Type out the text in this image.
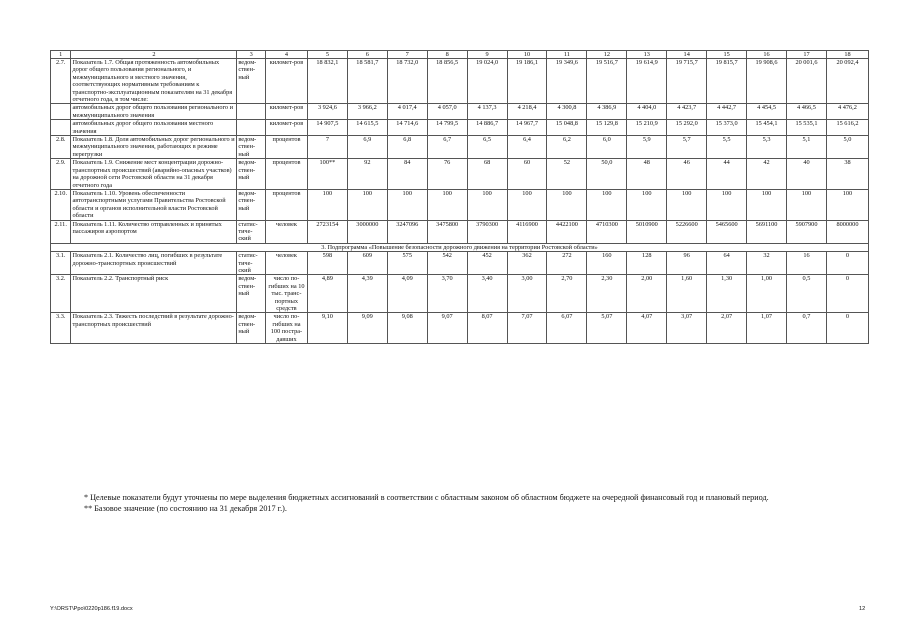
1	2	3	4	5	6	7	8	9	10	11	12	13	14	15	16	17	18
2.7.	Показатель 1.7. Общая протяженность автомобильных дорог общего пользования регионального, и межмуниципального и местного значения, соответствующих нормативным требованиям к транспортно-эксплуатационным показателям на 31 декабря отчетного года, в том числе:	ведом-ствен-ный	километ-ров	18 832,1	18 581,7	18 732,0	18 856,5	19 024,0	19 186,1	19 349,6	19 516,7	19 614,9	19 715,7	19 815,7	19 908,6	20 001,6	20 092,4
	автомобильных дорог общего пользования регионального и межмуниципального значения		километ-ров	3 924,6	3 966,2	4 017,4	4 057,0	4 137,3	4 218,4	4 300,8	4 386,9	4 404,0	4 423,7	4 442,7	4 454,5	4 466,5	4 476,2
	автомобильных дорог общего пользования местного значения		километ-ров	14 907,5	14 615,5	14 714,6	14 799,5	14 886,7	14 967,7	15 048,8	15 129,8	15 210,9	15 292,0	15 373,0	15 454,1	15 535,1	15 616,2
2.8.	Показатель 1.8. Доля автомобильных дорог регионального и межмуниципального значения, работающих в режиме перегрузки	ведом-ствен-ный	процентов	7	6,9	6,8	6,7	6,5	6,4	6,2	6,0	5,9	5,7	5,5	5,3	5,1	5,0
2.9.	Показатель 1.9. Снижение мест концентрации дорожно-транспортных происшествий (аварийно-опасных участков) на дорожной сети Ростовской области на 31 декабря отчетного года	ведом-ствен-ный	процентов	100**	92	84	76	68	60	52	50,0	48	46	44	42	40	38
2.10.	Показатель 1.10. Уровень обеспеченности автотранспортными услугами Правительства Ростовской области и органов исполнительной власти Ростовской области	ведом-ствен-ный	процентов	100	100	100	100	100	100	100	100	100	100	100	100	100	100
2.11.	Показатель 1.11. Количество отправленных и принятых пассажиров аэропортом	статис-тиче-ский	человек	2723154	3000000	3247096	3475800	3790300	4116900	4422100	4710300	5010900	5226600	5465600	5691100	5907900	8000000
3. Подпрограмма «Повышение безопасности дорожного движения на территории Ростовской области»																	
3.1.	Показатель 2.1. Количество лиц, погибших в результате дорожно-транспортных происшествий	статис-тиче-ский	человек	598	609	575	542	452	362	272	160	128	96	64	32	16	0
3.2.	Показатель 2.2. Транспортный риск	ведом-ствен-ный	число по-гибших на 10 тыс. транс-портных средств	4,89	4,39	4,09	3,70	3,40	3,00	2,70	2,30	2,00	1,60	1,30	1,00	0,5	0
3.3.	Показатель 2.3. Тяжесть последствий в результате дорожно-транспортных происшествий	ведом-ствен-ный	число по-гибших на 100 постра-давших	9,10	9,09	9,08	9,07	8,07	7,07	6,07	5,07	4,07	3,07	2,07	1,07	0,7	0

* Целевые показатели будут уточнены по мере выделения бюджетных ассигнований в соответствии с областным законом об областном бюджете на очередной финансовый год и плановый период.

** Базовое значение (по состоянию на 31 декабря 2017 г.).

Y:\ORST\Ppo\0220p186.f19.docx	12
